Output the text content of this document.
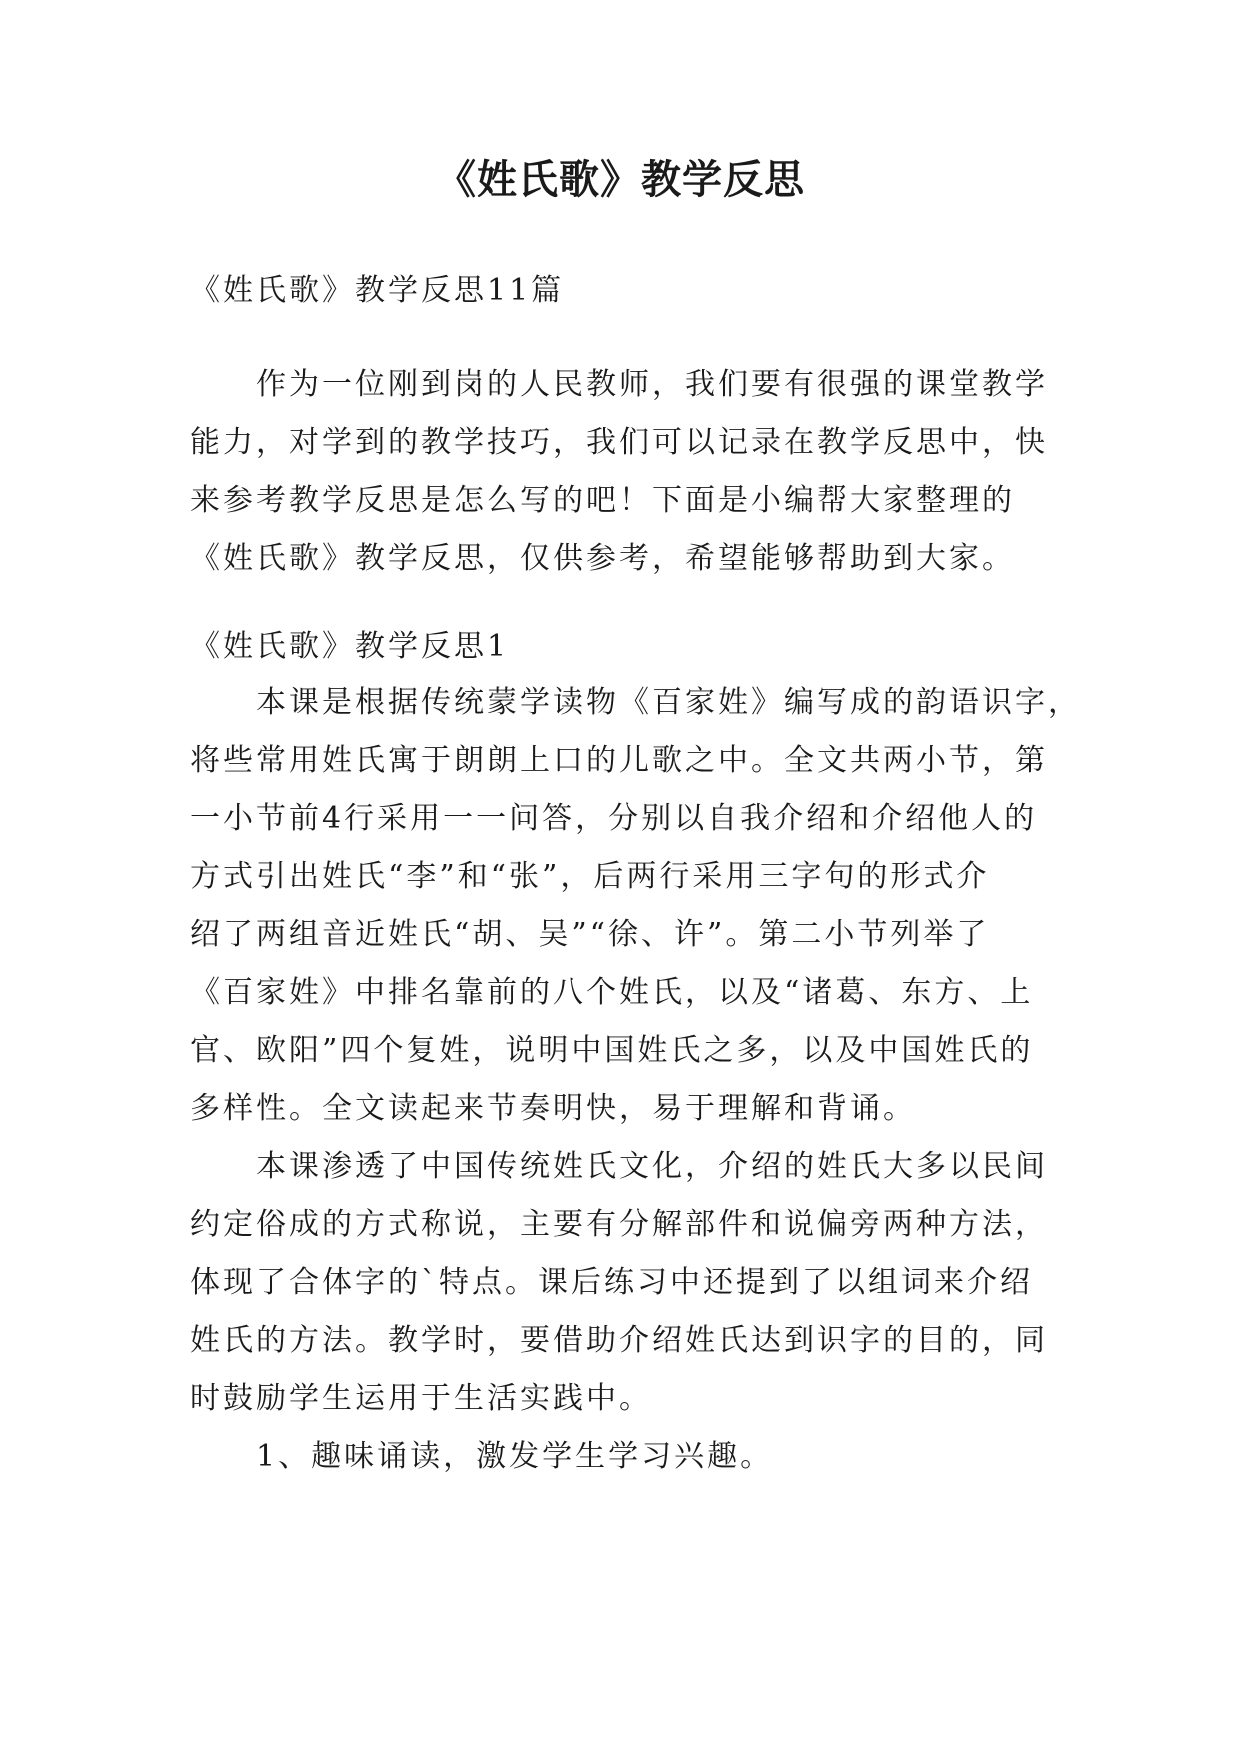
《姓氏歌》教学反思
《姓氏歌》教学反思11篇
　　作为一位刚到岗的人民教师，我们要有很强的课堂教学
能力，对学到的教学技巧，我们可以记录在教学反思中，快
来参考教学反思是怎么写的吧！下面是小编帮大家整理的
《姓氏歌》教学反思，仅供参考，希望能够帮助到大家。
《姓氏歌》教学反思1
　　本课是根据传统蒙学读物《百家姓》编写成的韵语识字，
将些常用姓氏寓于朗朗上口的儿歌之中。全文共两小节，第
一小节前4行采用一一问答，分别以自我介绍和介绍他人的
方式引出姓氏“李”和“张”，后两行采用三字句的形式介
绍了两组音近姓氏“胡、吴”“徐、许”。第二小节列举了
《百家姓》中排名靠前的八个姓氏，以及“诸葛、东方、上
官、欧阳”四个复姓，说明中国姓氏之多，以及中国姓氏的
多样性。全文读起来节奏明快，易于理解和背诵。
　　本课渗透了中国传统姓氏文化，介绍的姓氏大多以民间
约定俗成的方式称说，主要有分解部件和说偏旁两种方法，
体现了合体字的`特点。课后练习中还提到了以组词来介绍
姓氏的方法。教学时，要借助介绍姓氏达到识字的目的，同
时鼓励学生运用于生活实践中。
　　1、趣味诵读，激发学生学习兴趣。
